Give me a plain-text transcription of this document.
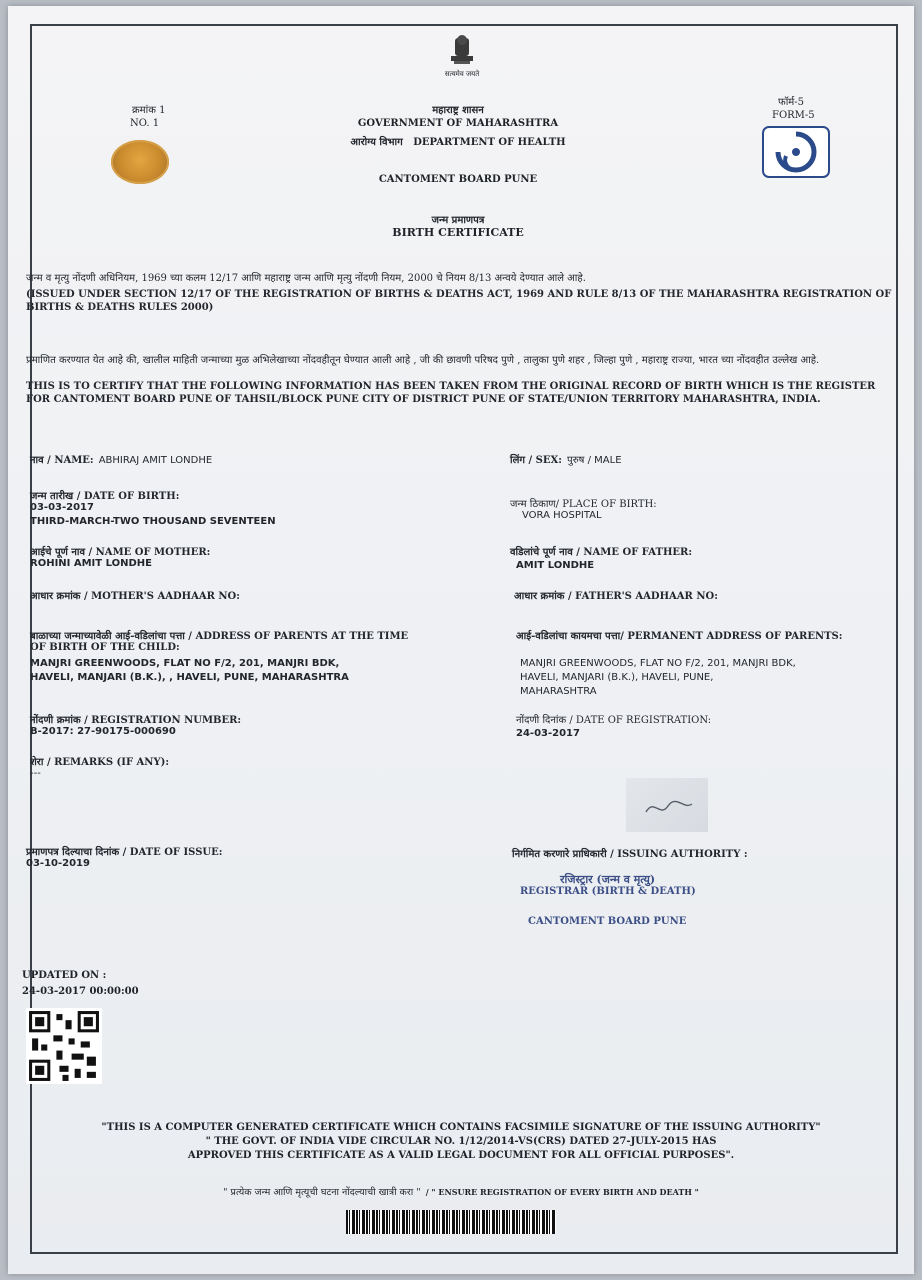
सत्यमेव जयते
क्रमांक 1
NO. 1
महाराष्ट्र शासन
GOVERNMENT OF MAHARASHTRA
आरोग्य विभाग   DEPARTMENT OF HEALTH
CANTOMENT BOARD PUNE
जन्म प्रमाणपत्र
BIRTH CERTIFICATE
फॉर्म-5
FORM-5
जन्म व मृत्यु नोंदणी अधिनियम, 1969 च्या कलम 12/17 आणि महाराष्ट्र जन्म आणि मृत्यु नोंदणी नियम, 2000 चे नियम 8/13 अन्वये देण्यात आले आहे.
(ISSUED UNDER SECTION 12/17 OF THE REGISTRATION OF BIRTHS & DEATHS ACT, 1969 AND RULE 8/13 OF THE MAHARASHTRA REGISTRATION OF BIRTHS & DEATHS RULES 2000)
प्रमाणित करण्यात येत आहे की, खालील माहिती जन्माच्या मुळ अभिलेखाच्या नोंदवहीतून घेण्यात आली आहे , जी की छावणी परिषद पुणे , तालुका पुणे शहर , जिल्हा पुणे , महाराष्ट्र राज्या, भारत च्या नोंदवहीत उल्लेख आहे.
THIS IS TO CERTIFY THAT THE FOLLOWING INFORMATION HAS BEEN TAKEN FROM THE ORIGINAL RECORD OF BIRTH WHICH IS THE REGISTER FOR CANTOMENT BOARD PUNE OF TAHSIL/BLOCK PUNE CITY OF DISTRICT PUNE OF STATE/UNION TERRITORY MAHARASHTRA, INDIA.
नाव / NAME: ABHIRAJ AMIT LONDHE	लिंग / SEX: पुरुष / MALE
जन्म तारीख / DATE OF BIRTH:
03-03-2017
THIRD-MARCH-TWO THOUSAND SEVENTEEN
जन्म ठिकाण/ PLACE OF BIRTH:
VORA HOSPITAL
आईचे पूर्ण नाव / NAME OF MOTHER:
ROHINI AMIT LONDHE
वडिलांचे पूर्ण नाव / NAME OF FATHER:
AMIT LONDHE
आधार क्रमांक / MOTHER'S AADHAAR NO:	आधार क्रमांक / FATHER'S AADHAAR NO:
बाळाच्या जन्माच्यावेळी आई-वडिलांचा पत्ता / ADDRESS OF PARENTS AT THE TIME
OF BIRTH OF THE CHILD:
MANJRI GREENWOODS, FLAT NO F/2, 201, MANJRI BDK,
HAVELI, MANJARI (B.K.), , HAVELI, PUNE, MAHARASHTRA
आई-वडिलांचा कायमचा पत्ता/ PERMANENT ADDRESS OF PARENTS:
MANJRI GREENWOODS, FLAT NO F/2, 201, MANJRI BDK,
HAVELI, MANJARI (B.K.), HAVELI, PUNE,
MAHARASHTRA
नोंदणी क्रमांक / REGISTRATION NUMBER:
B-2017: 27-90175-000690
नोंदणी दिनांक / DATE OF REGISTRATION:
24-03-2017
शेरा / REMARKS (IF ANY):
---
प्रमाणपत्र दिल्याचा दिनांक / DATE OF ISSUE:
03-10-2019
निर्गमित करणारे प्राधिकारी / ISSUING AUTHORITY :
रजिस्ट्रार (जन्म व मृत्यु)
REGISTRAR (BIRTH & DEATH)
CANTOMENT BOARD PUNE
UPDATED ON :
24-03-2017 00:00:00
"THIS IS A COMPUTER GENERATED CERTIFICATE WHICH CONTAINS FACSIMILE SIGNATURE OF THE ISSUING AUTHORITY"
" THE GOVT. OF INDIA VIDE CIRCULAR NO. 1/12/2014-VS(CRS) DATED 27-JULY-2015 HAS
APPROVED THIS CERTIFICATE AS A VALID LEGAL DOCUMENT FOR ALL OFFICIAL PURPOSES".
" प्रत्येक जन्म आणि मृत्यूची घटना नोंदल्याची खात्री करा " / " ENSURE REGISTRATION OF EVERY BIRTH AND DEATH "
